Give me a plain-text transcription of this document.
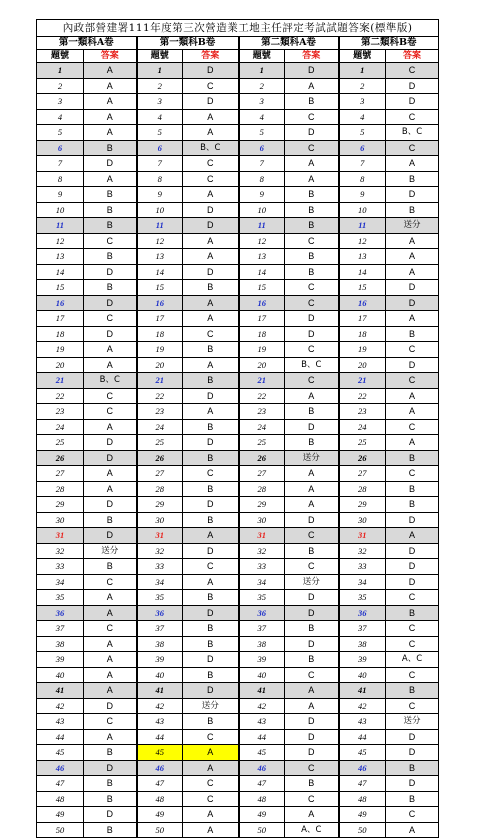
內政部營建署111年度第三次營造業工地主任評定考試試題答案(標準版)							
第一類科A卷		第一類科B卷		第二類科A卷		第二類科B卷	
題號	答案	題號	答案	題號	答案	題號	答案
1	A	1	D	1	D	1	C
2	A	2	C	2	A	2	D
3	A	3	D	3	B	3	D
4	A	4	A	4	C	4	C
5	A	5	A	5	D	5	B、C
6	B	6	B、C	6	C	6	C
7	D	7	C	7	A	7	A
8	A	8	C	8	A	8	B
9	B	9	A	9	B	9	D
10	B	10	D	10	B	10	B
11	B	11	D	11	B	11	送分
12	C	12	A	12	C	12	A
13	B	13	A	13	B	13	A
14	D	14	D	14	B	14	A
15	B	15	B	15	C	15	D
16	D	16	A	16	C	16	D
17	C	17	A	17	D	17	A
18	D	18	C	18	D	18	B
19	A	19	B	19	C	19	C
20	A	20	A	20	B、C	20	D
21	B、C	21	B	21	C	21	C
22	C	22	D	22	A	22	A
23	C	23	A	23	B	23	A
24	A	24	B	24	D	24	C
25	D	25	D	25	B	25	A
26	D	26	B	26	送分	26	B
27	A	27	C	27	A	27	C
28	A	28	B	28	A	28	B
29	D	29	D	29	A	29	B
30	B	30	B	30	D	30	D
31	D	31	A	31	C	31	A
32	送分	32	D	32	B	32	D
33	B	33	C	33	C	33	D
34	C	34	A	34	送分	34	D
35	A	35	B	35	D	35	C
36	A	36	D	36	D	36	B
37	C	37	B	37	B	37	C
38	A	38	B	38	D	38	C
39	A	39	D	39	B	39	A、C
40	A	40	B	40	C	40	C
41	A	41	D	41	A	41	B
42	D	42	送分	42	A	42	C
43	C	43	B	43	D	43	送分
44	A	44	C	44	D	44	D
45	B	45	A	45	D	45	D
46	D	46	A	46	C	46	B
47	B	47	C	47	B	47	D
48	B	48	C	48	C	48	B
49	D	49	A	49	A	49	C
50	B	50	A	50	A、C	50	A
